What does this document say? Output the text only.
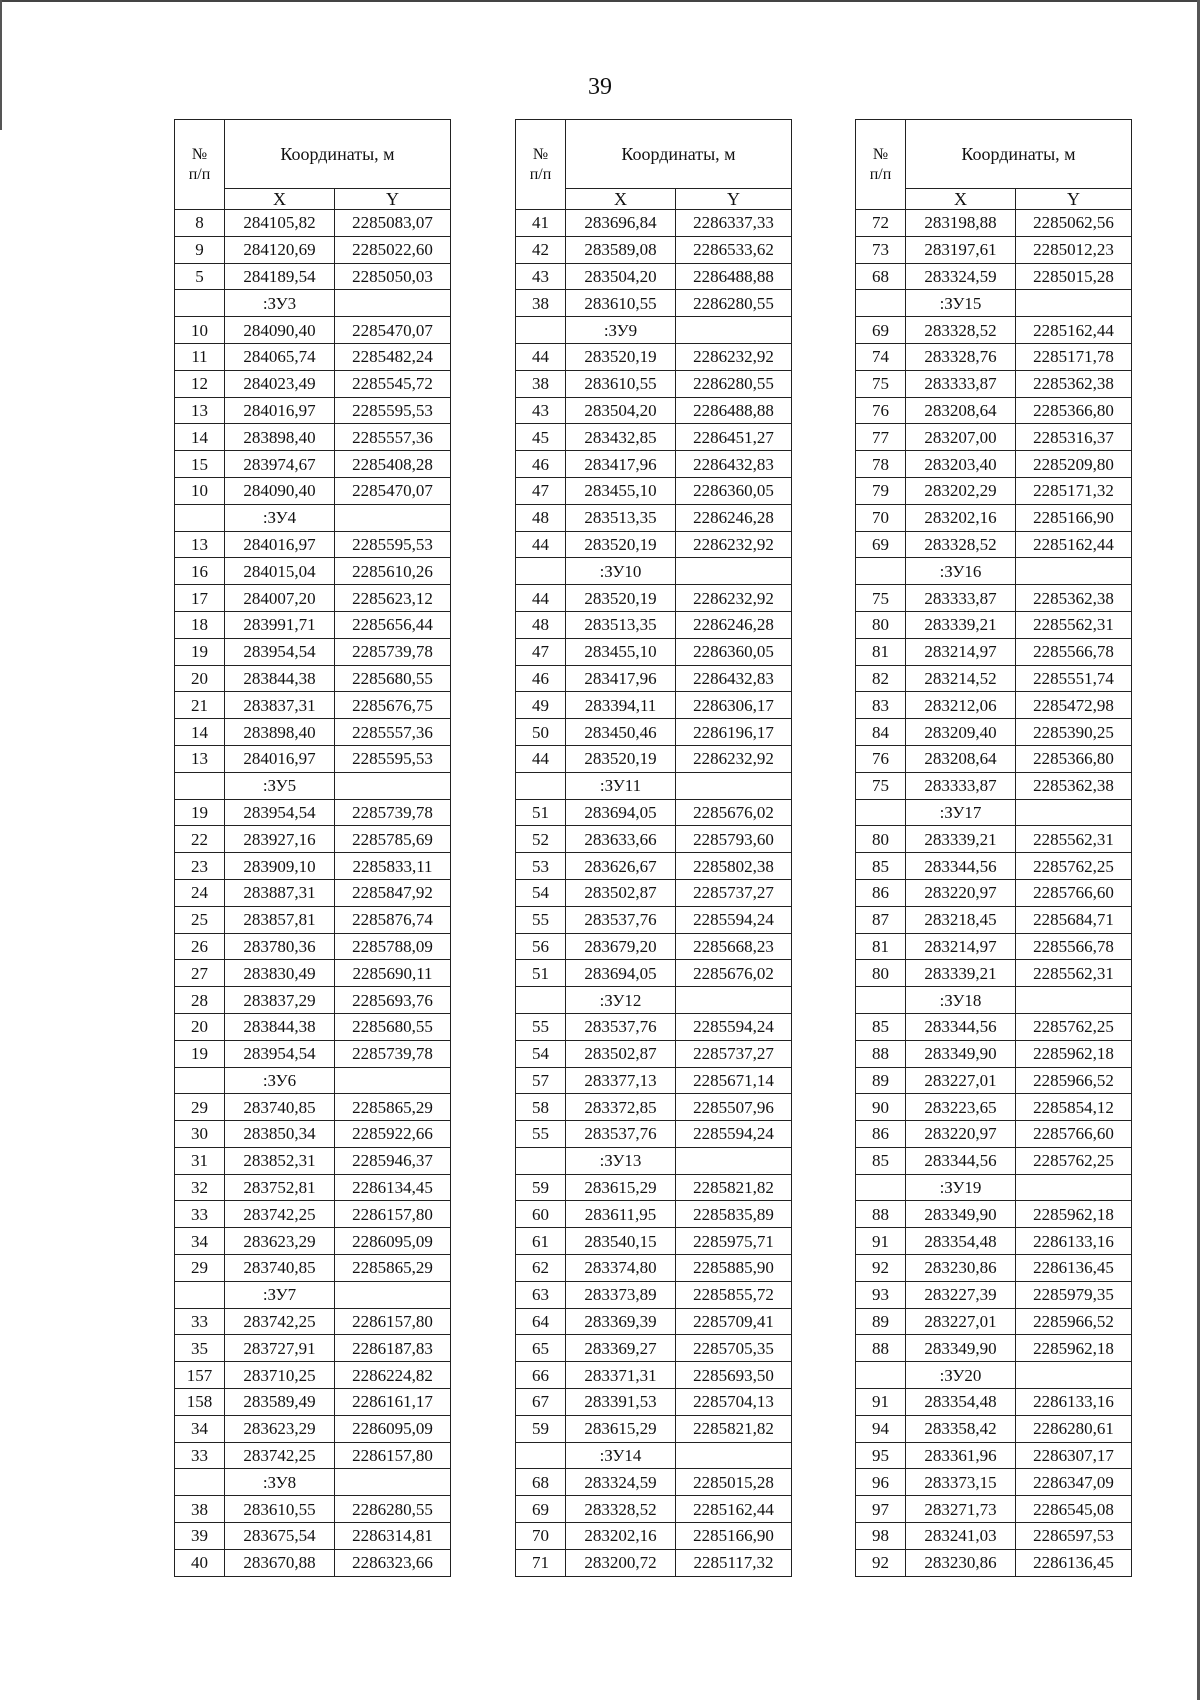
39
№
п/п	Координаты, м	
	X	Y
8	284105,82	2285083,07
9	284120,69	2285022,60
5	284189,54	2285050,03
	:ЗУ3	
10	284090,40	2285470,07
11	284065,74	2285482,24
12	284023,49	2285545,72
13	284016,97	2285595,53
14	283898,40	2285557,36
15	283974,67	2285408,28
10	284090,40	2285470,07
	:ЗУ4	
13	284016,97	2285595,53
16	284015,04	2285610,26
17	284007,20	2285623,12
18	283991,71	2285656,44
19	283954,54	2285739,78
20	283844,38	2285680,55
21	283837,31	2285676,75
14	283898,40	2285557,36
13	284016,97	2285595,53
	:ЗУ5	
19	283954,54	2285739,78
22	283927,16	2285785,69
23	283909,10	2285833,11
24	283887,31	2285847,92
25	283857,81	2285876,74
26	283780,36	2285788,09
27	283830,49	2285690,11
28	283837,29	2285693,76
20	283844,38	2285680,55
19	283954,54	2285739,78
	:ЗУ6	
29	283740,85	2285865,29
30	283850,34	2285922,66
31	283852,31	2285946,37
32	283752,81	2286134,45
33	283742,25	2286157,80
34	283623,29	2286095,09
29	283740,85	2285865,29
	:ЗУ7	
33	283742,25	2286157,80
35	283727,91	2286187,83
157	283710,25	2286224,82
158	283589,49	2286161,17
34	283623,29	2286095,09
33	283742,25	2286157,80
	:ЗУ8	
38	283610,55	2286280,55
39	283675,54	2286314,81
40	283670,88	2286323,66
№
п/п	Координаты, м	
	X	Y
41	283696,84	2286337,33
42	283589,08	2286533,62
43	283504,20	2286488,88
38	283610,55	2286280,55
	:ЗУ9	
44	283520,19	2286232,92
38	283610,55	2286280,55
43	283504,20	2286488,88
45	283432,85	2286451,27
46	283417,96	2286432,83
47	283455,10	2286360,05
48	283513,35	2286246,28
44	283520,19	2286232,92
	:ЗУ10	
44	283520,19	2286232,92
48	283513,35	2286246,28
47	283455,10	2286360,05
46	283417,96	2286432,83
49	283394,11	2286306,17
50	283450,46	2286196,17
44	283520,19	2286232,92
	:ЗУ11	
51	283694,05	2285676,02
52	283633,66	2285793,60
53	283626,67	2285802,38
54	283502,87	2285737,27
55	283537,76	2285594,24
56	283679,20	2285668,23
51	283694,05	2285676,02
	:ЗУ12	
55	283537,76	2285594,24
54	283502,87	2285737,27
57	283377,13	2285671,14
58	283372,85	2285507,96
55	283537,76	2285594,24
	:ЗУ13	
59	283615,29	2285821,82
60	283611,95	2285835,89
61	283540,15	2285975,71
62	283374,80	2285885,90
63	283373,89	2285855,72
64	283369,39	2285709,41
65	283369,27	2285705,35
66	283371,31	2285693,50
67	283391,53	2285704,13
59	283615,29	2285821,82
	:ЗУ14	
68	283324,59	2285015,28
69	283328,52	2285162,44
70	283202,16	2285166,90
71	283200,72	2285117,32
№
п/п	Координаты, м	
	X	Y
72	283198,88	2285062,56
73	283197,61	2285012,23
68	283324,59	2285015,28
	:ЗУ15	
69	283328,52	2285162,44
74	283328,76	2285171,78
75	283333,87	2285362,38
76	283208,64	2285366,80
77	283207,00	2285316,37
78	283203,40	2285209,80
79	283202,29	2285171,32
70	283202,16	2285166,90
69	283328,52	2285162,44
	:ЗУ16	
75	283333,87	2285362,38
80	283339,21	2285562,31
81	283214,97	2285566,78
82	283214,52	2285551,74
83	283212,06	2285472,98
84	283209,40	2285390,25
76	283208,64	2285366,80
75	283333,87	2285362,38
	:ЗУ17	
80	283339,21	2285562,31
85	283344,56	2285762,25
86	283220,97	2285766,60
87	283218,45	2285684,71
81	283214,97	2285566,78
80	283339,21	2285562,31
	:ЗУ18	
85	283344,56	2285762,25
88	283349,90	2285962,18
89	283227,01	2285966,52
90	283223,65	2285854,12
86	283220,97	2285766,60
85	283344,56	2285762,25
	:ЗУ19	
88	283349,90	2285962,18
91	283354,48	2286133,16
92	283230,86	2286136,45
93	283227,39	2285979,35
89	283227,01	2285966,52
88	283349,90	2285962,18
	:ЗУ20	
91	283354,48	2286133,16
94	283358,42	2286280,61
95	283361,96	2286307,17
96	283373,15	2286347,09
97	283271,73	2286545,08
98	283241,03	2286597,53
92	283230,86	2286136,45
